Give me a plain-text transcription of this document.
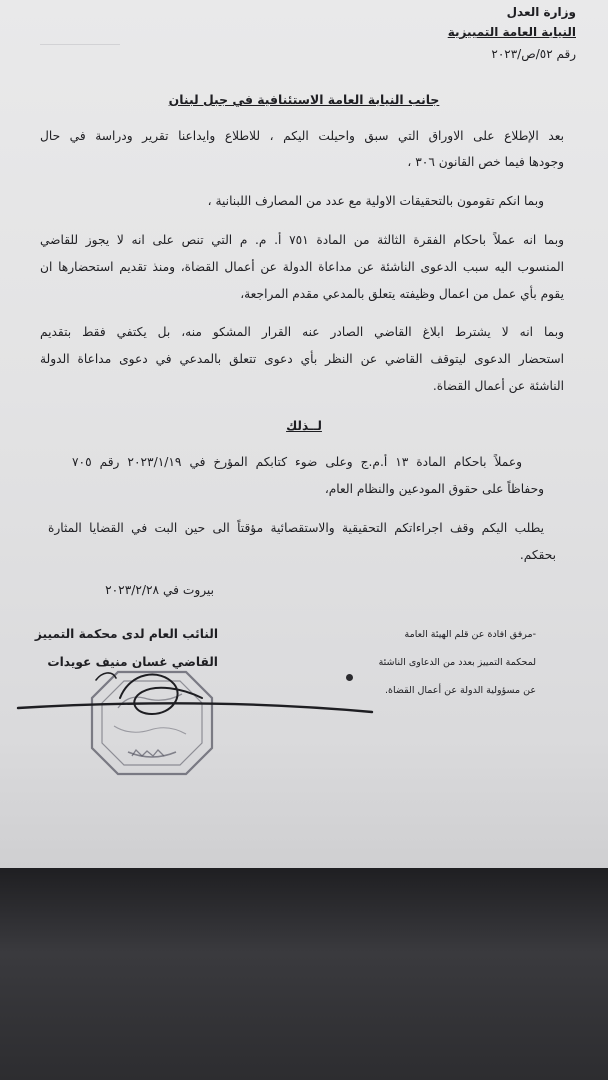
وزارة العدل
النيابة العامة التمييزية
رقم ٥٢/ص/٢٠٢٣
جانب النيابة العامة الاستئنافية في جبل لبنان
بعد الإطلاع على الاوراق التي سبق واحيلت اليكم ، للاطلاع وايداعنا تقرير ودراسة في حال
وجودها فيما خص القانون ٣٠٦ ،
وبما انكم تقومون بالتحقيقات الاولية مع عدد من المصارف اللبنانية ،
وبما انه عملاً باحكام الفقرة الثالثة من المادة ٧٥١ أ. م. م التي تنص على انه لا يجوز للقاضي
المنسوب اليه سبب الدعوى الناشئة عن مداعاة الدولة عن أعمال القضاة، ومنذ تقديم استحضارها ان
يقوم بأي عمل من اعمال وظيفته يتعلق بالمدعي مقدم المراجعة،
وبما انه لا يشترط ابلاغ القاضي الصادر عنه القرار المشكو منه، بل يكتفي فقط بتقديم
استحضار الدعوى ليتوقف القاضي عن النظر بأي دعوى تتعلق بالمدعي في دعوى مداعاة الدولة
الناشئة عن أعمال القضاة.
لــذلك
وعملاً باحكام المادة ١٣ أ.م.ج وعلى ضوء كتابكم المؤرخ في ٢٠٢٣/١/١٩ رقم ٧٠٥
وحفاظاً على حقوق المودعين والنظام العام،
يطلب اليكم وقف اجراءاتكم التحقيقية والاستقصائية مؤقتاً الى حين البت في القضايا المثارة
بحقكم.
بيروت في ٢٠٢٣/٢/٢٨
-مرفق افادة عن قلم الهيئة العامة
لمحكمة التمييز بعدد من الدعاوى الناشئة
عن مسؤولية الدولة عن أعمال القضاة.
النائب العام لدى محكمة التمييز
القاضي غسان منيف عويدات
